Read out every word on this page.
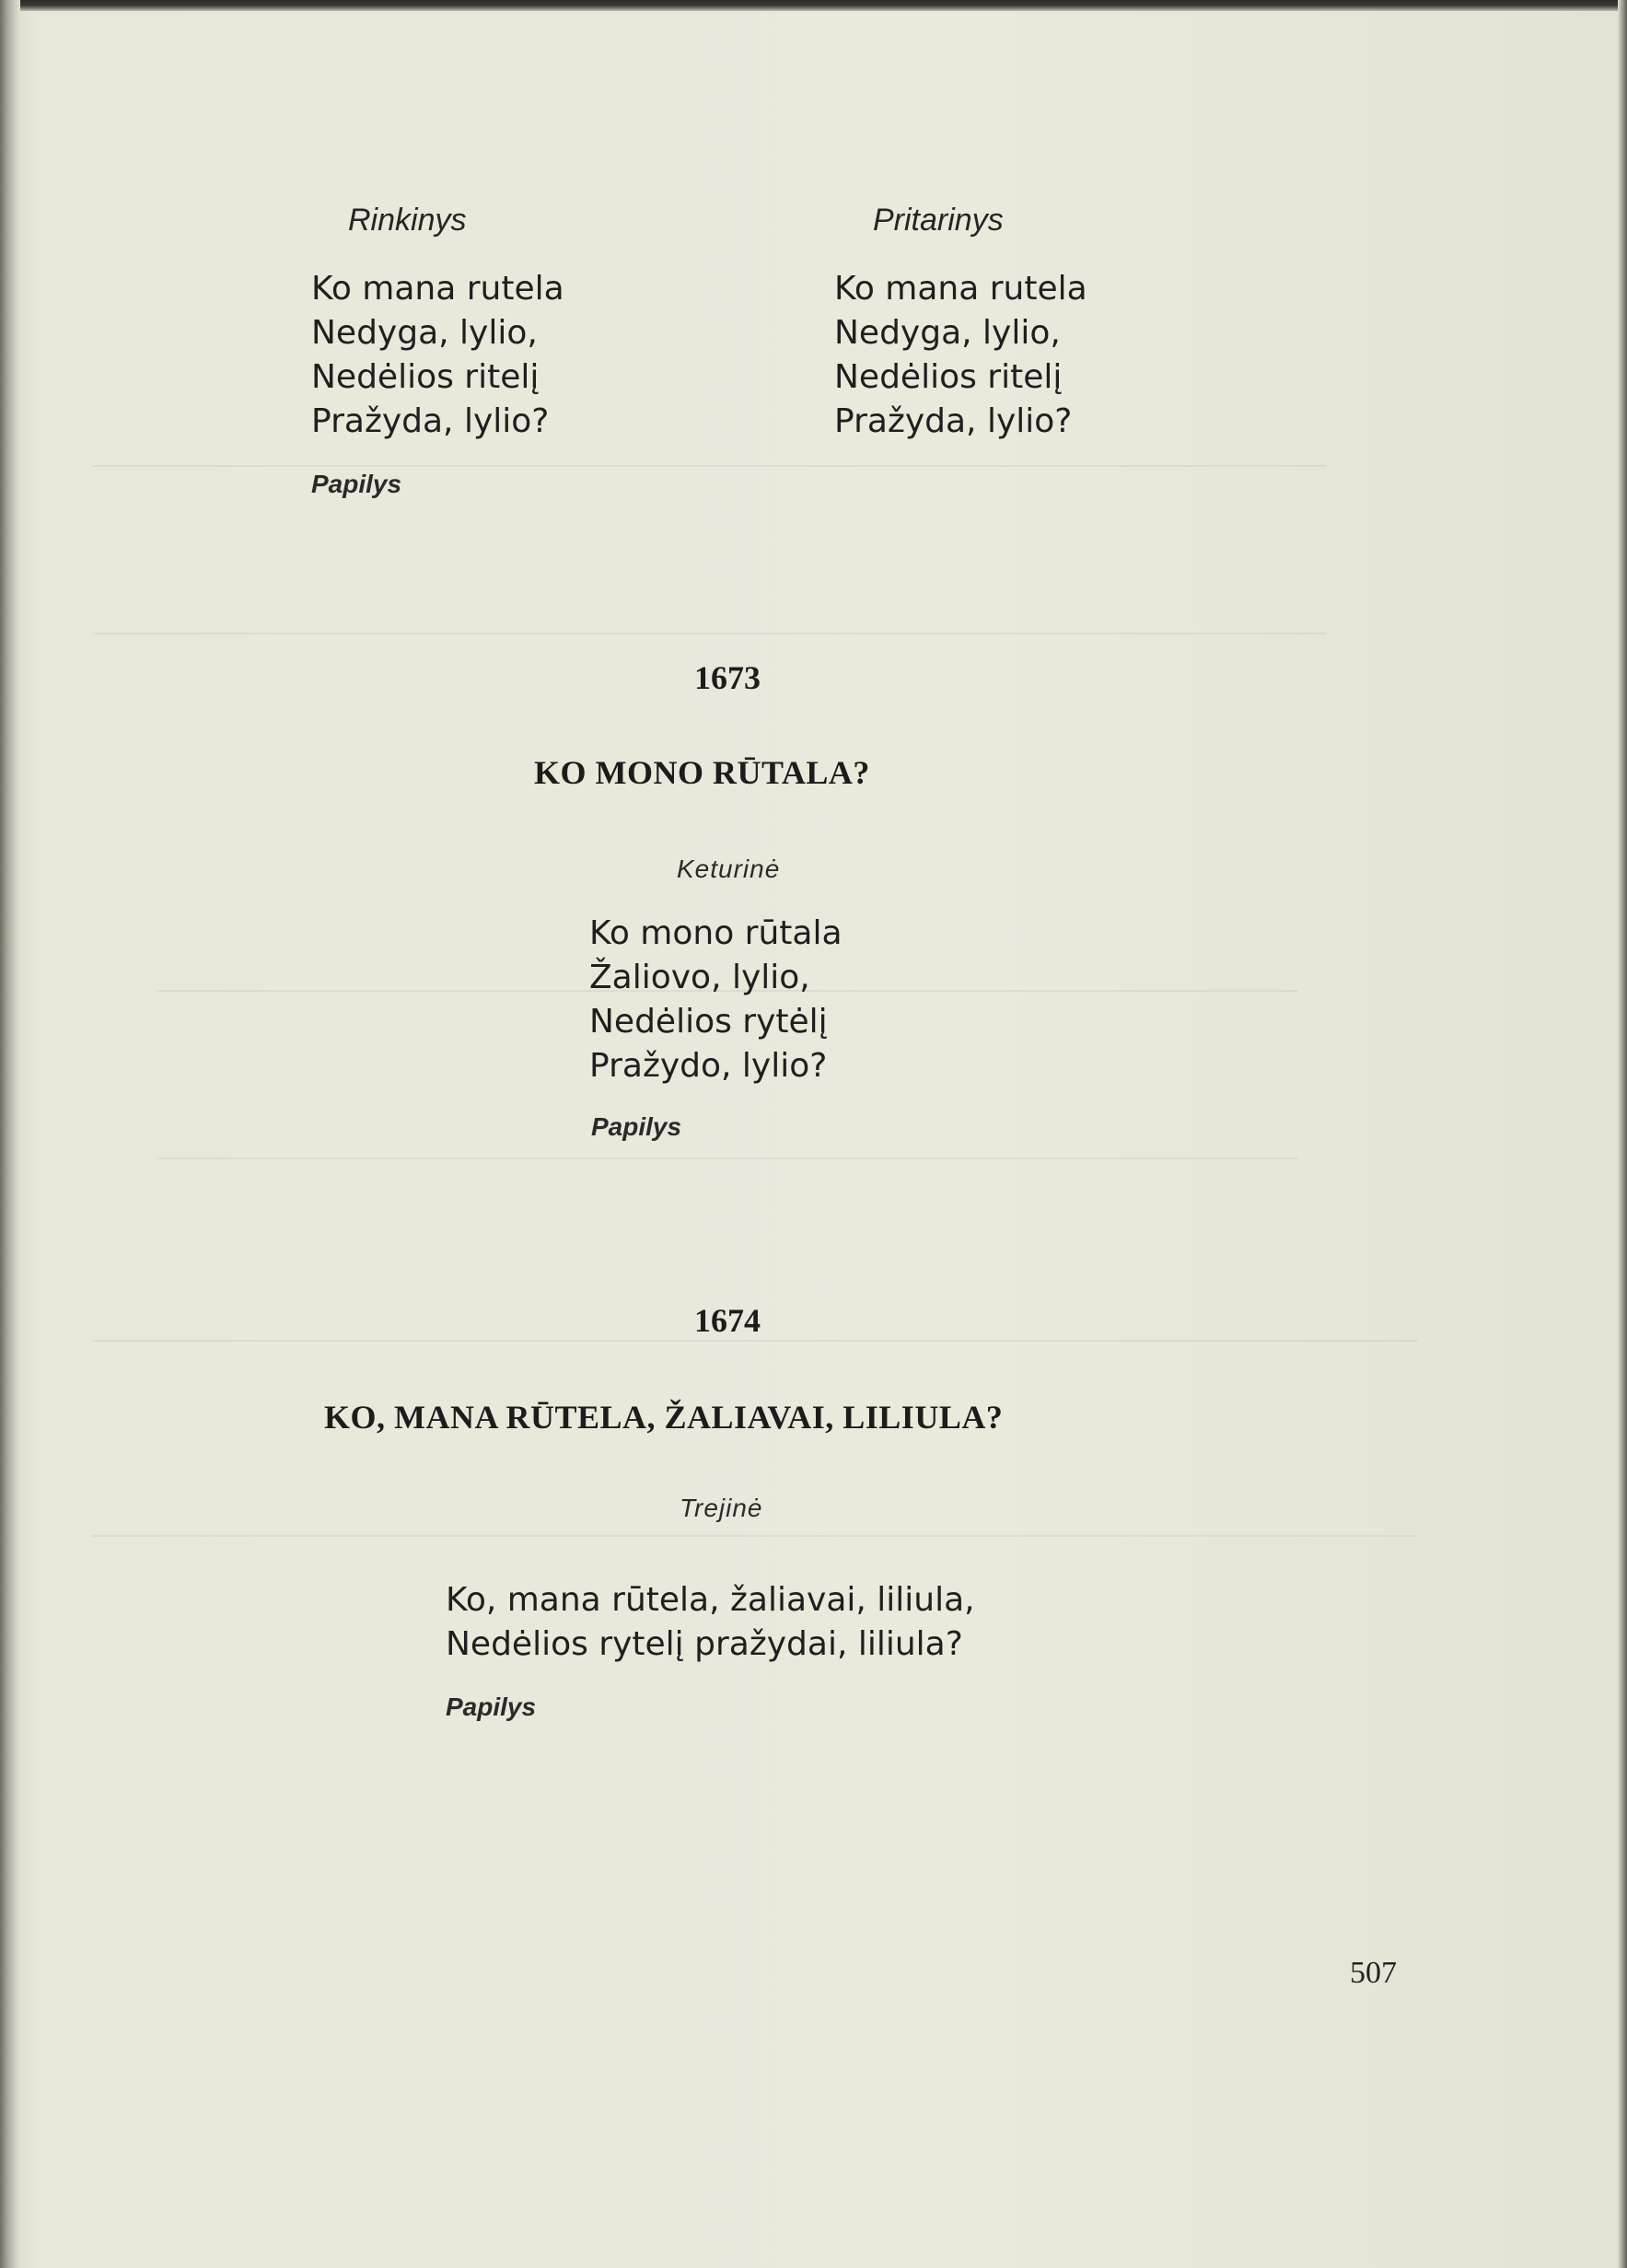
Rinkinys	Pritarinys
Ko mana rutela
Nedyga, lylio,
Nedėlios ritelį
Pražyda, lylio?
Ko mana rutela
Nedyga, lylio,
Nedėlios ritelį
Pražyda, lylio?
Papilys
1673
KO MONO RŪTALA?
Keturinė
Ko mono rūtala
Žaliovo, lylio,
Nedėlios rytėlį
Pražydo, lylio?
Papilys
1674
KO, MANA RŪTELA, ŽALIAVAI, LILIULA?
Trejinė
Ko, mana rūtela, žaliavai, liliula,
Nedėlios rytelį pražydai, liliula?
Papilys
507
